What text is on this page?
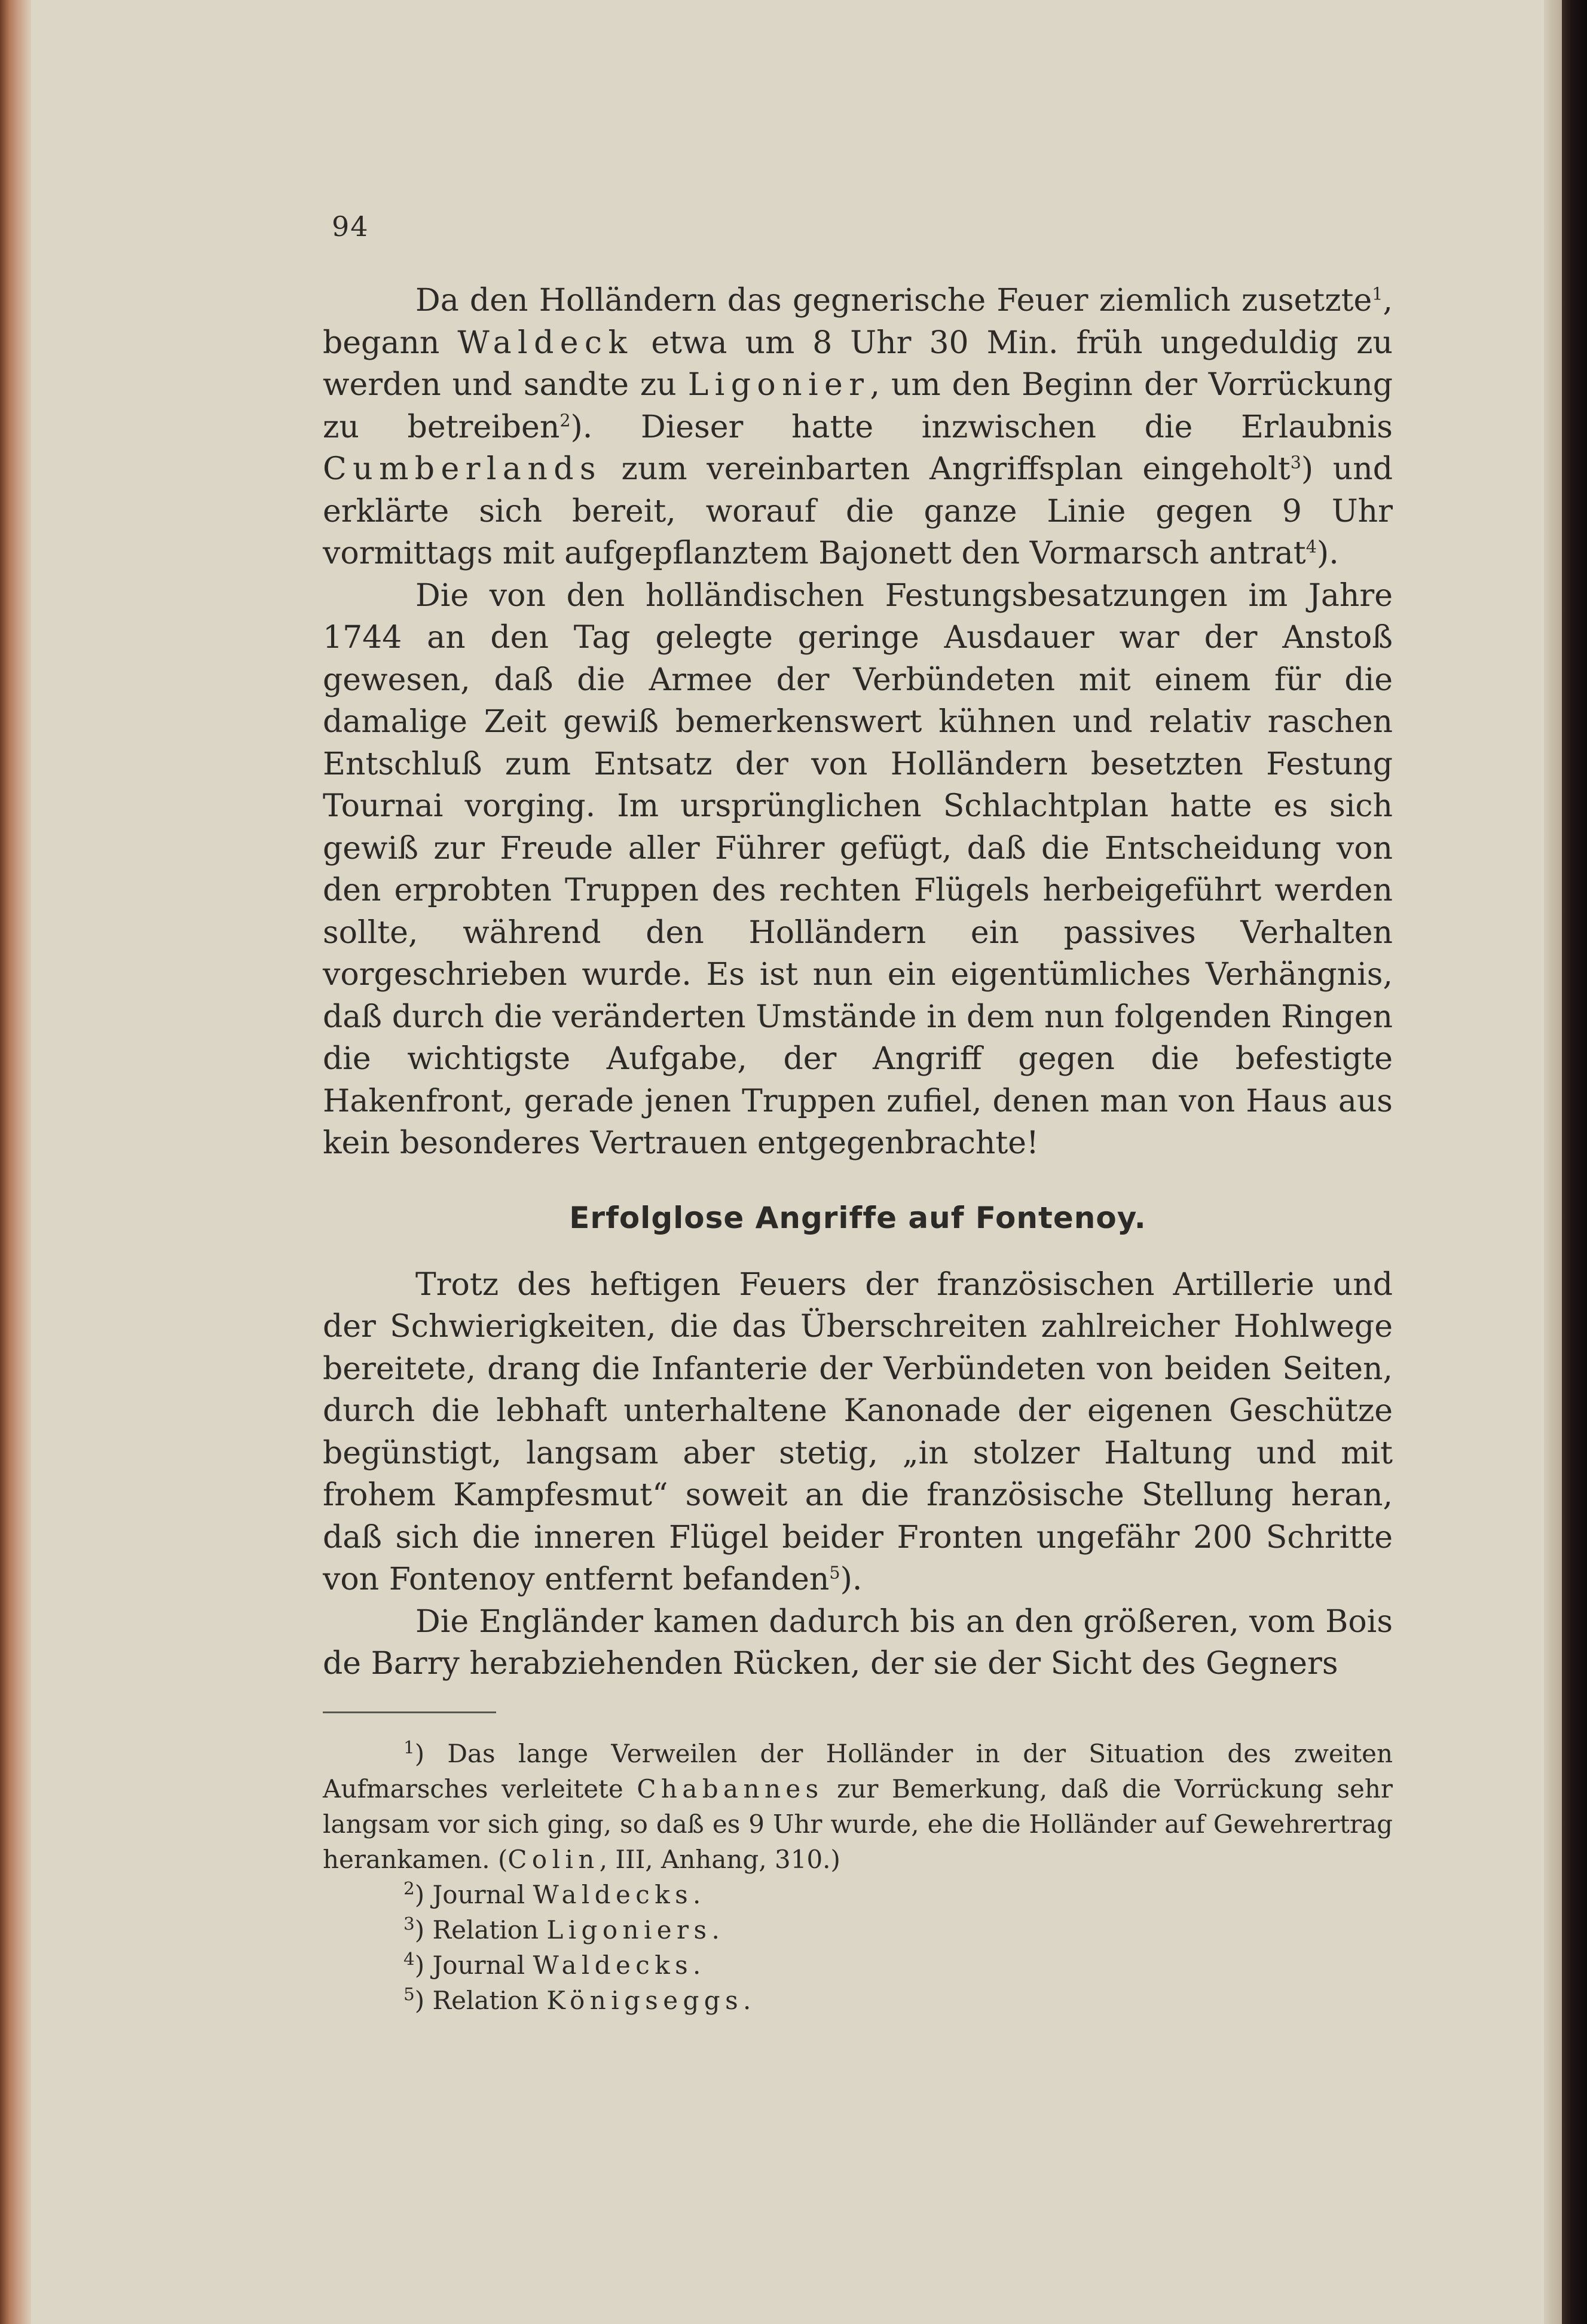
94

Da den Holländern das gegnerische Feuer ziemlich zusetzte$^1$, begann Waldeck etwa um 8 Uhr 30 Min. früh ungeduldig zu werden und sandte zu Ligonier, um den Beginn der Vorrückung zu betreiben$^2$). Dieser hatte inzwischen die Erlaubnis Cumberlands zum vereinbarten Angriffsplan eingeholt$^3$) und erklärte sich bereit, worauf die ganze Linie gegen 9 Uhr vormittags mit aufgepflanztem Bajonett den Vormarsch antrat$^4$).

Die von den holländischen Festungsbesatzungen im Jahre 1744 an den Tag gelegte geringe Ausdauer war der Anstoß gewesen, daß die Armee der Verbündeten mit einem für die damalige Zeit gewiß bemerkenswert kühnen und relativ raschen Entschluß zum Entsatz der von Holländern besetzten Festung Tournai vorging. Im ursprünglichen Schlachtplan hatte es sich gewiß zur Freude aller Führer gefügt, daß die Entscheidung von den erprobten Truppen des rechten Flügels herbeigeführt werden sollte, während den Holländern ein passives Verhalten vorgeschrieben wurde. Es ist nun ein eigentümliches Verhängnis, daß durch die veränderten Umstände in dem nun folgenden Ringen die wichtigste Aufgabe, der Angriff gegen die befestigte Hakenfront, gerade jenen Truppen zufiel, denen man von Haus aus kein besonderes Vertrauen entgegenbrachte!

Erfolglose Angriffe auf Fontenoy.

Trotz des heftigen Feuers der französischen Artillerie und der Schwierigkeiten, die das Überschreiten zahlreicher Hohlwege bereitete, drang die Infanterie der Verbündeten von beiden Seiten, durch die lebhaft unterhaltene Kanonade der eigenen Geschütze begünstigt, langsam aber stetig, „in stolzer Haltung und mit frohem Kampfesmut“ soweit an die französische Stellung heran, daß sich die inneren Flügel beider Fronten ungefähr 200 Schritte von Fontenoy entfernt befanden$^5$).

Die Engländer kamen dadurch bis an den größeren, vom Bois de Barry herabziehenden Rücken, der sie der Sicht des Gegners

$^1$) Das lange Verweilen der Holländer in der Situation des zweiten Aufmarsches verleitete Chabannes zur Bemerkung, daß die Vorrückung sehr langsam vor sich ging, so daß es 9 Uhr wurde, ehe die Holländer auf Gewehrertrag herankamen. (Colin, III, Anhang, 310.)

$^2$) Journal Waldecks.

$^3$) Relation Ligoniers.

$^4$) Journal Waldecks.

$^5$) Relation Königseggs.
